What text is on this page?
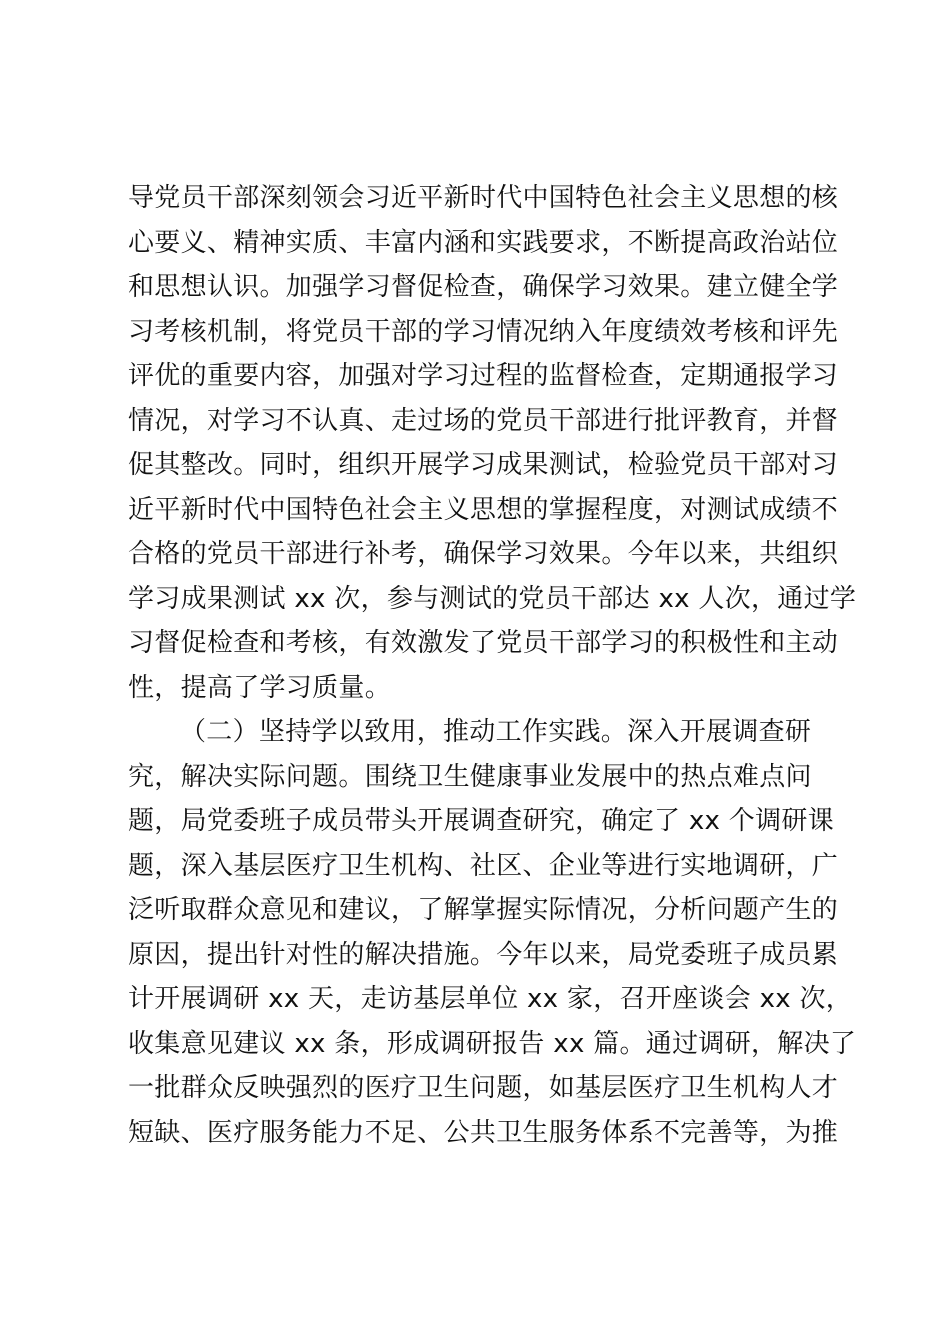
导党员干部深刻领会习近平新时代中国特色社会主义思想的核
心要义、精神实质、丰富内涵和实践要求，不断提高政治站位
和思想认识。加强学习督促检查，确保学习效果。建立健全学
习考核机制，将党员干部的学习情况纳入年度绩效考核和评先
评优的重要内容，加强对学习过程的监督检查，定期通报学习
情况，对学习不认真、走过场的党员干部进行批评教育，并督
促其整改。同时，组织开展学习成果测试，检验党员干部对习
近平新时代中国特色社会主义思想的掌握程度，对测试成绩不
合格的党员干部进行补考，确保学习效果。今年以来，共组织
学习成果测试 xx 次，参与测试的党员干部达 xx 人次，通过学
习督促检查和考核，有效激发了党员干部学习的积极性和主动
性，提高了学习质量。
（二）坚持学以致用，推动工作实践。深入开展调查研
究，解决实际问题。围绕卫生健康事业发展中的热点难点问
题，局党委班子成员带头开展调查研究，确定了 xx 个调研课
题，深入基层医疗卫生机构、社区、企业等进行实地调研，广
泛听取群众意见和建议，了解掌握实际情况，分析问题产生的
原因，提出针对性的解决措施。今年以来，局党委班子成员累
计开展调研 xx 天，走访基层单位 xx 家，召开座谈会 xx 次，
收集意见建议 xx 条，形成调研报告 xx 篇。通过调研，解决了
一批群众反映强烈的医疗卫生问题，如基层医疗卫生机构人才
短缺、医疗服务能力不足、公共卫生服务体系不完善等，为推
